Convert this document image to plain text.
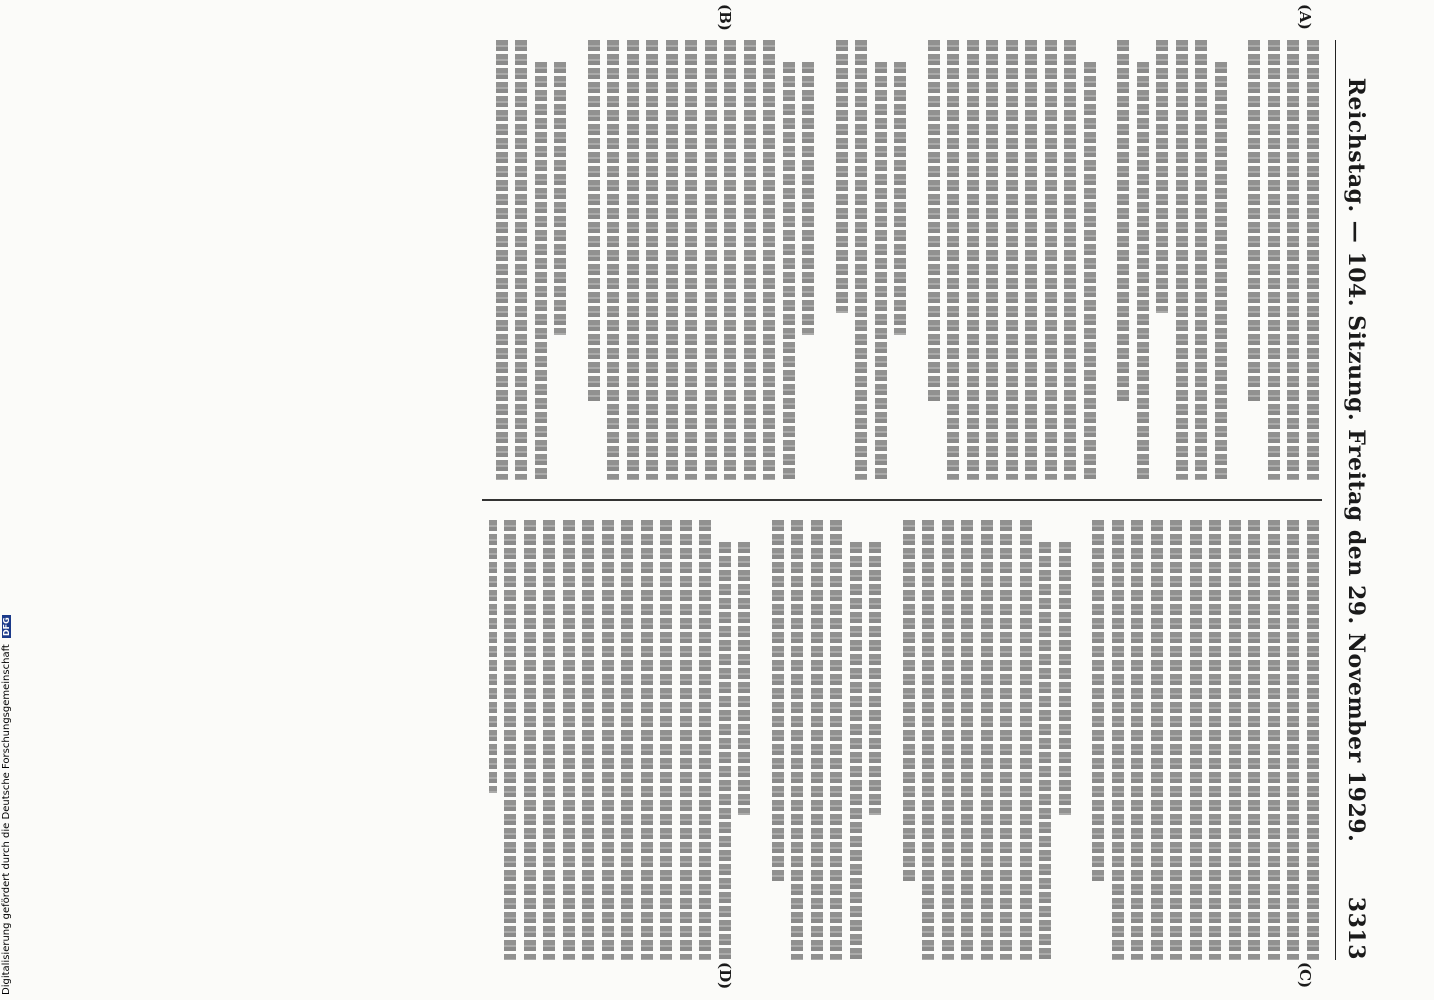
Reichstag. — 104. Sitzung. Freitag den 29. November 1929.
3313
(A)
(B)
(C)
(D)
Digitalisierung gefördert durch die Deutsche Forschungsgemeinschaft DFG
